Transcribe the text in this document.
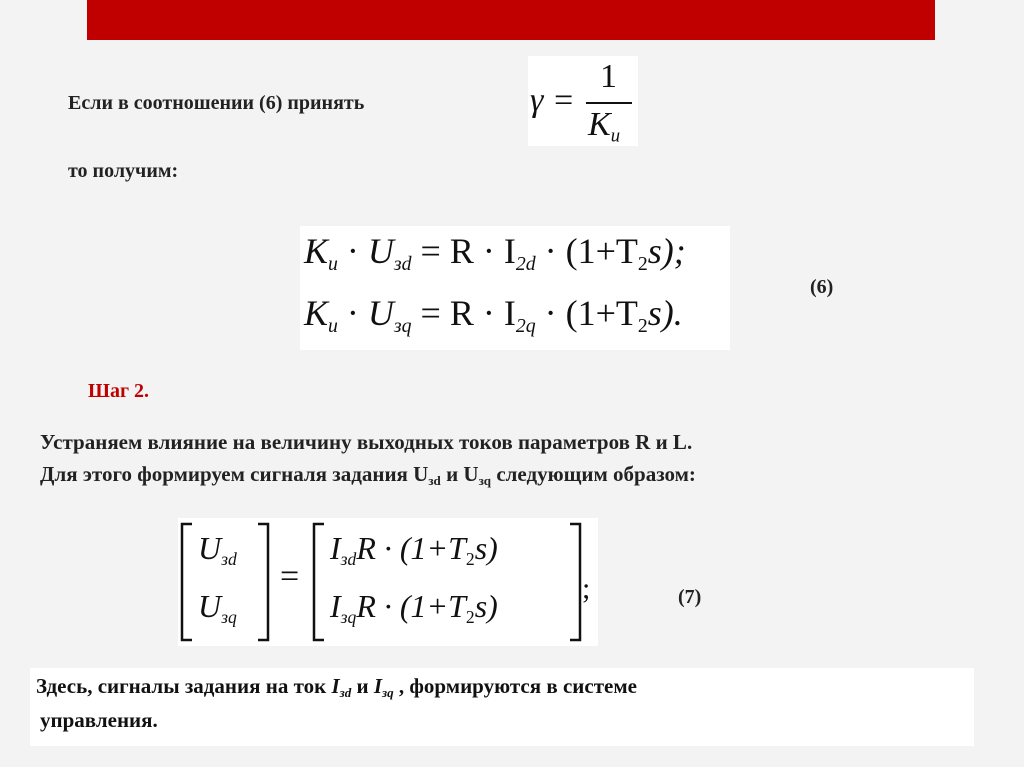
Если в соотношении (6) принять
то получим:
γ =
1
$K_и$
$K_и \cdot U_{зd} = R \cdot I_{2d} \cdot (1+T2s)$;
$K_и \cdot U_{зq} = R \cdot I_{2q} \cdot (1+T2s)$.
(6)
Шаг 2.
Устраняем влияние на величину выходных токов параметров R и L.
Для этого формируем сигналя задания Uзd и Uзq следующим образом:
$U_{зd}$
$U_{зq}$
=
$I_{зd}R \cdot (1+T2s)$
$I_{зq}R \cdot (1+T2s)$	;	(7)
Здесь, сигналы задания на ток Iзd и Iзq , формируются в системе
управления.
